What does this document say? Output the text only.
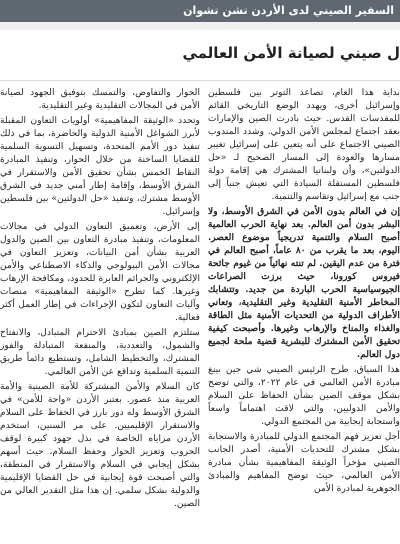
السفير الصيني لدى الأردن تشن تشوان
ل صيني لصيانة الأمن العالمي

بداية هذا العام، تصاعد التوتر بين فلسطين وإسرائيل أخرى، ويهدد الوضع التاريخي القائم للمقدسات القدس. حيث بادرت الصين والإمارات بعقد اجتماع لمجلس الأمن الدولي. وشدد المندوب الصيني الاجتماع على أنه يتعين على إسرائيل تغيير مسارها والعودة إلى المسار الصحيح لـ «حل الدولتين»، وأن ولبنانيا المشترك هي إقامة دولة فلسطين المستقلة السيادة التي تعيش جنباً إلى جنب مع إسرائيل وتقاسم والتنمية.

إن في العالم بدون الأمن في الشرق الأوسط، ولا البشر بدون أمن العالم. بعد نهاية الحرب العالمية أصبح السلام والتنمية تدريجياً موضوع العصر. اليوم، بعد ما يقرب من ٨٠ عاماً، أصبح العالم في فترة من عدم اليقين. لم تنته نهائياً من غيوم جائحة فيروس كورونا، حيث برزت الصراعات الجيوسياسية الحرب الباردة من جديد. وتتشابك المخاطر الأمنية التقليدية وغير التقليدية، وتعاني الأطراف الدولية من التحديات الأمنية مثل الطاقة والغذاء والمناخ والإرهاب وغيرها. وأصبحت كيفية تحقيق الأمن المشترك للبشرية قضية ملحة لجميع دول العالم.

هذا السياق، طرح الرئيس الصيني شي جين بينغ مبادرة الأمن العالمي في عام ٢٠٢٢، والتي توضح بشكل موقف الصين بشأن الحفاظ على السلام والأمن الدوليين، والتي لاقت اهتماماً واسعاً واستجابة إيجابية من المجتمع الدولي.

أجل تعزيز فهم المجتمع الدولي للمبادرة والاستجابة بشكل مشترك للتحديات الأمنية، أصدر الجانب الصيني مؤخراً الوثيقة المفاهيمية بشأن مبادرة الأمن العالمي، حيث توضح المفاهيم والمبادئ الجوهرية لمبادرة الأمن

الحوار والتفاوض، والتمسك بتوفيق الجهود لصيانة الأمن في المجالات التقليدية وغير التقليدية.

وتحدد «الوثيقة المفاهيمية» أولويات التعاون المقبلة لأبرز الشواغل الأمنية الدولية والحاضرة، بما في ذلك تنفيذ دور الأمم المتحدة، وتسهيل التسوية السلمية للقضايا الساخنة من خلال الحوار، وتنفيذ المبادرة النقاط الخمس بشأن تحقيق الأمن والاستقرار في الشرق الأوسط، وإقامة إطار أمني جديد في الشرق الأوسط مشترك، وتنفيذ «حل الدولتين» بين فلسطين وإسرائيل.

إلى الأرض، وتعميق التعاون الدولي في مجالات المعلومات، وتنفيذ مبادرة التعاون بين الصين والدول العربية بشأن أمن البيانات، وتعزيز التعاون في مجالات الأمن البيولوجي والذكاء الاصطناعي والأمن الإلكتروني والجرائم العابرة للحدود، ومكافحة الإرهاب وغيرها. كما تطرح «الوثيقة المفاهيمية» منصات وآليات التعاون لتكون الإجراءات في إطار العمل أكثر فعالية.

ستلتزم الصين بمبادئ الاحترام المتبادل، والانفتاح والشمول، والتعددية، والمنفعة المتبادلة والفوز المشترك، والتخطيط الشامل، وتستطيع دائماً طريق التنمية السلمية وتدافع عن الأمن العالمي.

كان السلام والأمن المشتركة للأمة الصينية والأمة العربية منذ عصور. بعتبر الأردن «واحة للأمن» في الشرق الأوسط وله دور بارز في الحفاظ على السلام والاستقرار الإقليميين. على مر السنين، استخدم الأردن مزاياه الخاصة في بذل جهود كبيرة لوقف الحروب وتعزيز الحوار وحفظ السلام، حيث أسهم بشكل إيجابي في السلام والاستقرار في المنطقة، والتي أصبحت قوة إيجابية في حل القضايا الإقليمية والدولية بشكل سلمي. إن هذا مثل التقدير العالي من الصين.
